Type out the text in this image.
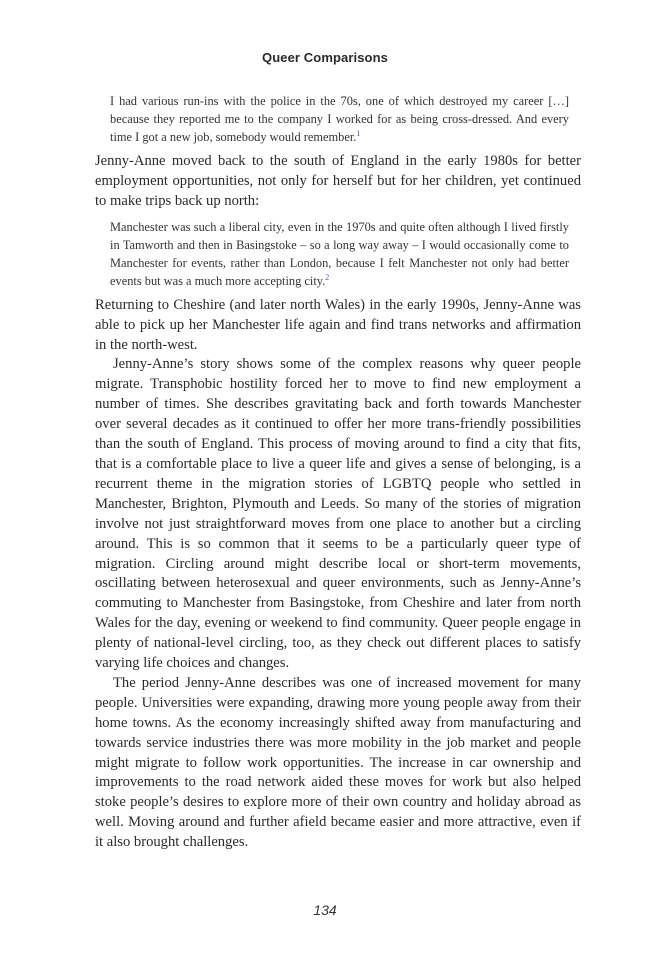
Queer Comparisons

I had various run-ins with the police in the 70s, one of which destroyed my career […] because they reported me to the company I worked for as being cross-dressed. And every time I got a new job, somebody would remember.$^1$

Jenny-Anne moved back to the south of England in the early 1980s for better employment opportunities, not only for herself but for her children, yet continued to make trips back up north:

Manchester was such a liberal city, even in the 1970s and quite often although I lived firstly in Tamworth and then in Basingstoke – so a long way away – I would occasionally come to Manchester for events, rather than London, because I felt Manchester not only had better events but was a much more accepting city.$^2$

Returning to Cheshire (and later north Wales) in the early 1990s, Jenny-Anne was able to pick up her Manchester life again and find trans networks and affirmation in the north-west.

Jenny-Anne’s story shows some of the complex reasons why queer people migrate. Transphobic hostility forced her to move to find new employment a number of times. She describes gravitating back and forth towards Manchester over several decades as it continued to offer her more trans-friendly possibilities than the south of England. This process of moving around to find a city that fits, that is a comfortable place to live a queer life and gives a sense of belonging, is a recurrent theme in the migration stories of LGBTQ people who settled in Manchester, Brighton, Plymouth and Leeds. So many of the stories of migration involve not just straightforward moves from one place to another but a circling around. This is so common that it seems to be a particularly queer type of migration. Circling around might describe local or short-term movements, oscillating between heterosexual and queer environments, such as Jenny-Anne’s commuting to Manchester from Basingstoke, from Cheshire and later from north Wales for the day, evening or weekend to find community. Queer people engage in plenty of national-level circling, too, as they check out different places to satisfy varying life choices and changes.

The period Jenny-Anne describes was one of increased movement for many people. Universities were expanding, drawing more young people away from their home towns. As the economy increasingly shifted away from manufacturing and towards service industries there was more mobility in the job market and people might migrate to follow work opportunities. The increase in car ownership and improvements to the road network aided these moves for work but also helped stoke people’s desires to explore more of their own country and holiday abroad as well. Moving around and further afield became easier and more attractive, even if it also brought challenges.

134
